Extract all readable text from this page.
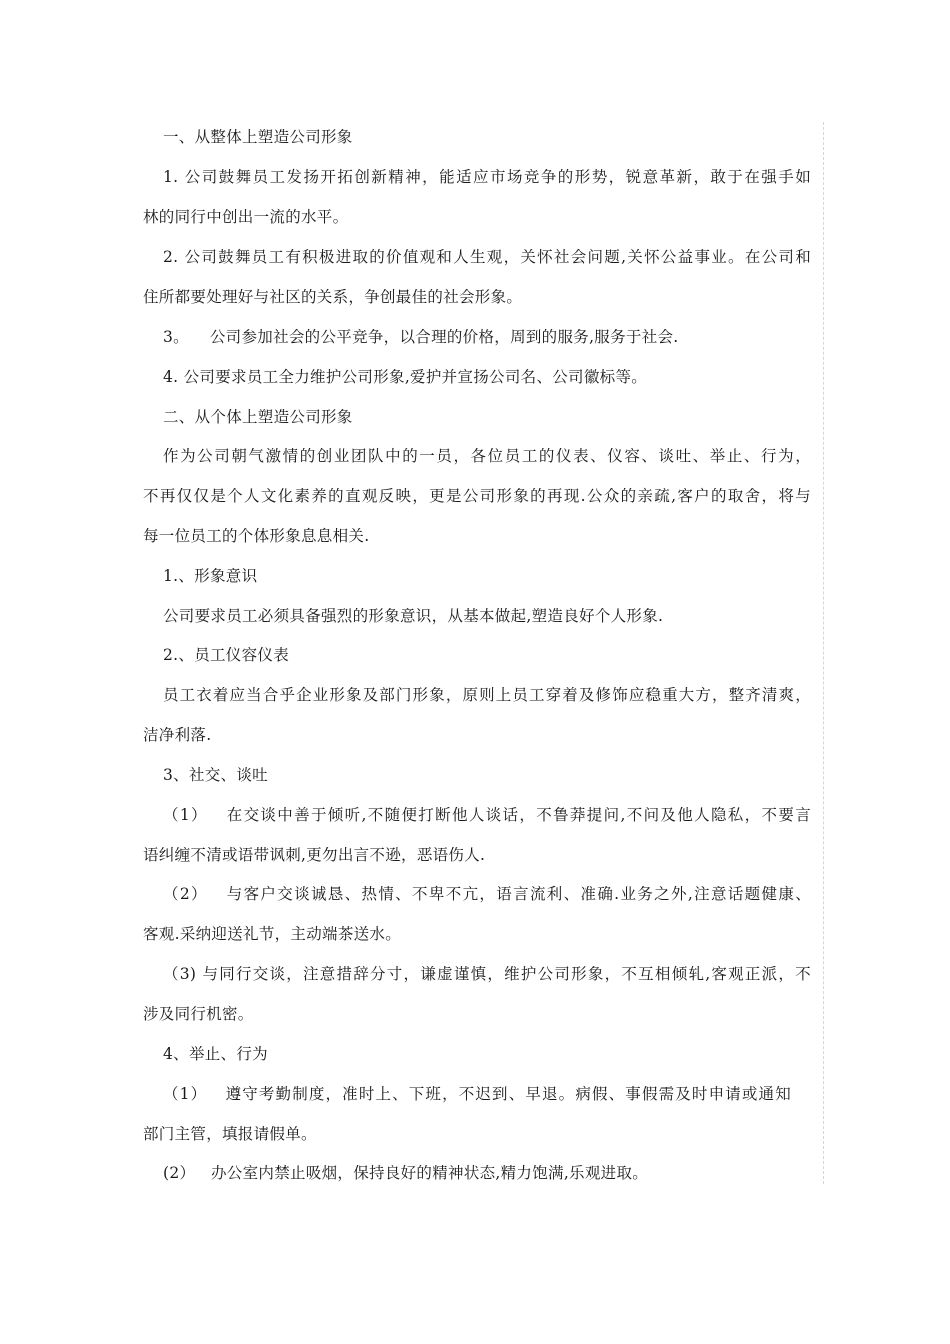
一、从整体上塑造公司形象
1. 公司鼓舞员工发扬开拓创新精神，能适应市场竞争的形势，锐意革新，敢于在强手如
林的同行中创出一流的水平。
2. 公司鼓舞员工有积极进取的价值观和人生观，关怀社会问题,关怀公益事业。在公司和
住所都要处理好与社区的关系，争创最佳的社会形象。
3。    公司参加社会的公平竞争，以合理的价格，周到的服务,服务于社会.
4. 公司要求员工全力维护公司形象,爱护并宣扬公司名、公司徽标等。
二、从个体上塑造公司形象
作为公司朝气激情的创业团队中的一员，各位员工的仪表、仪容、谈吐、举止、行为，
不再仅仅是个人文化素养的直观反映，更是公司形象的再现.公众的亲疏,客户的取舍，将与
每一位员工的个体形象息息相关.
1.、形象意识
公司要求员工必须具备强烈的形象意识，从基本做起,塑造良好个人形象.
2.、员工仪容仪表
员工衣着应当合乎企业形象及部门形象，原则上员工穿着及修饰应稳重大方，整齐清爽，
洁净利落.
3、社交、谈吐
（1）   在交谈中善于倾听,不随便打断他人谈话，不鲁莽提问,不问及他人隐私，不要言
语纠缠不清或语带讽刺,更勿出言不逊，恶语伤人.
（2）   与客户交谈诚恳、热情、不卑不亢，语言流利、准确.业务之外,注意话题健康、
客观.采纳迎送礼节，主动端茶送水。
（3) 与同行交谈，注意措辞分寸，谦虚谨慎，维护公司形象，不互相倾轧,客观正派，不
涉及同行机密。
4、举止、行为
（1）   遵守考勤制度，准时上、下班，不迟到、早退。病假、事假需及时申请或通知
部门主管，填报请假单。
(2）   办公室内禁止吸烟，保持良好的精神状态,精力饱满,乐观进取。
